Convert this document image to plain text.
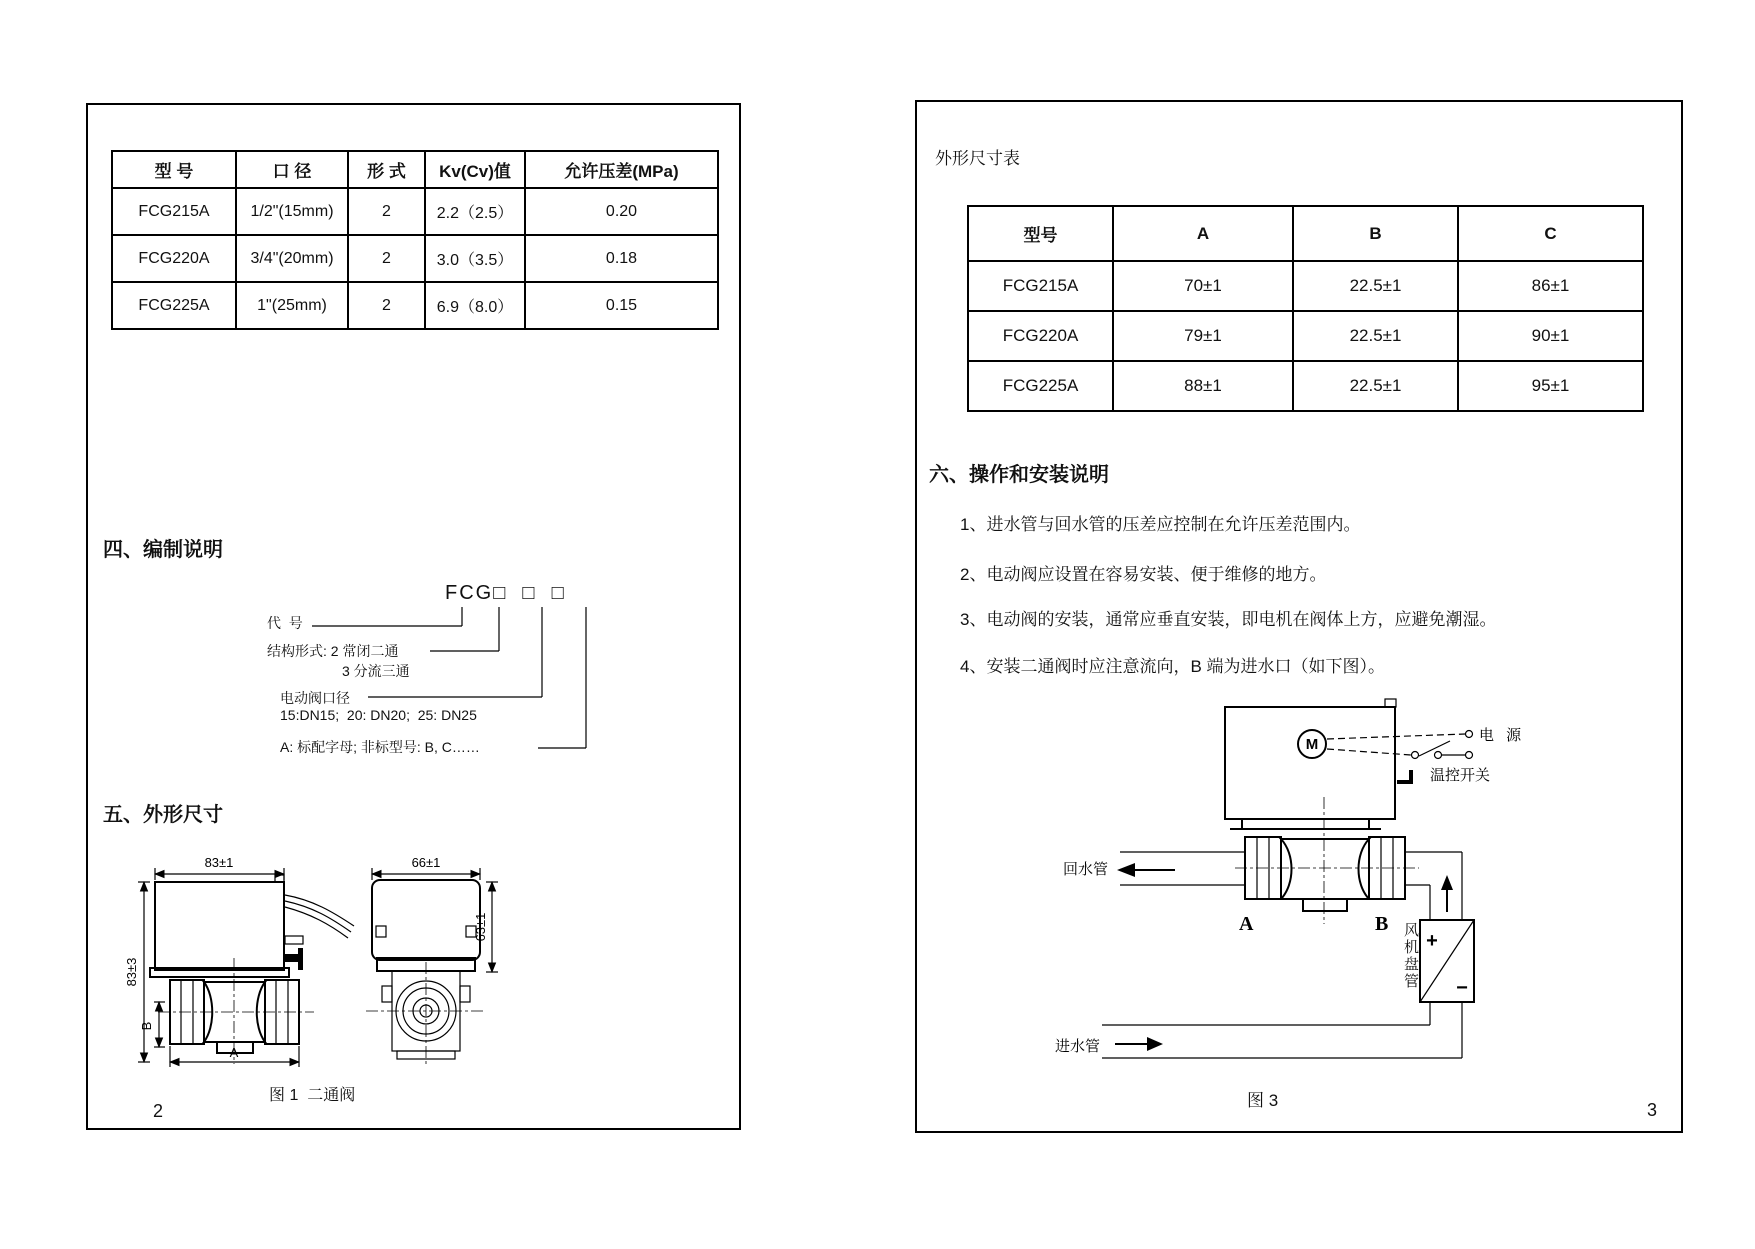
型 号	口 径	形 式	Kv(Cv)值	允许压差(MPa)
FCG215A	1/2"(15mm)	2	2.2（2.5）	0.20
FCG220A	3/4"(20mm)	2	3.0（3.5）	0.18
FCG225A	1"(25mm)	2	6.9（8.0）	0.15
四、编制说明
FCG□  □  □
代  号
结构形式: 2 常闭二通
3 分流三通
电动阀口径
15:DN15;  20: DN20;  25: DN25
A: 标配字母; 非标型号: B, C……
五、外形尺寸
83±1
83±3
B
A
66±1
63±1
图 1  二通阀
2
外形尺寸表
型号	A	B	C
FCG215A	70±1	22.5±1	86±1
FCG220A	79±1	22.5±1	90±1
FCG225A	88±1	22.5±1	95±1
六、操作和安装说明
1、进水管与回水管的压差应控制在允许压差范围内。
2、电动阀应设置在容易安装、便于维修的地方。
3、电动阀的安装，通常应垂直安装，即电机在阀体上方，应避免潮湿。
4、安装二通阀时应注意流向，B 端为进水口（如下图）。
M
电 源
温控开关
回水管
进水管
A	B
+
−
风机盘管
图 3	3
